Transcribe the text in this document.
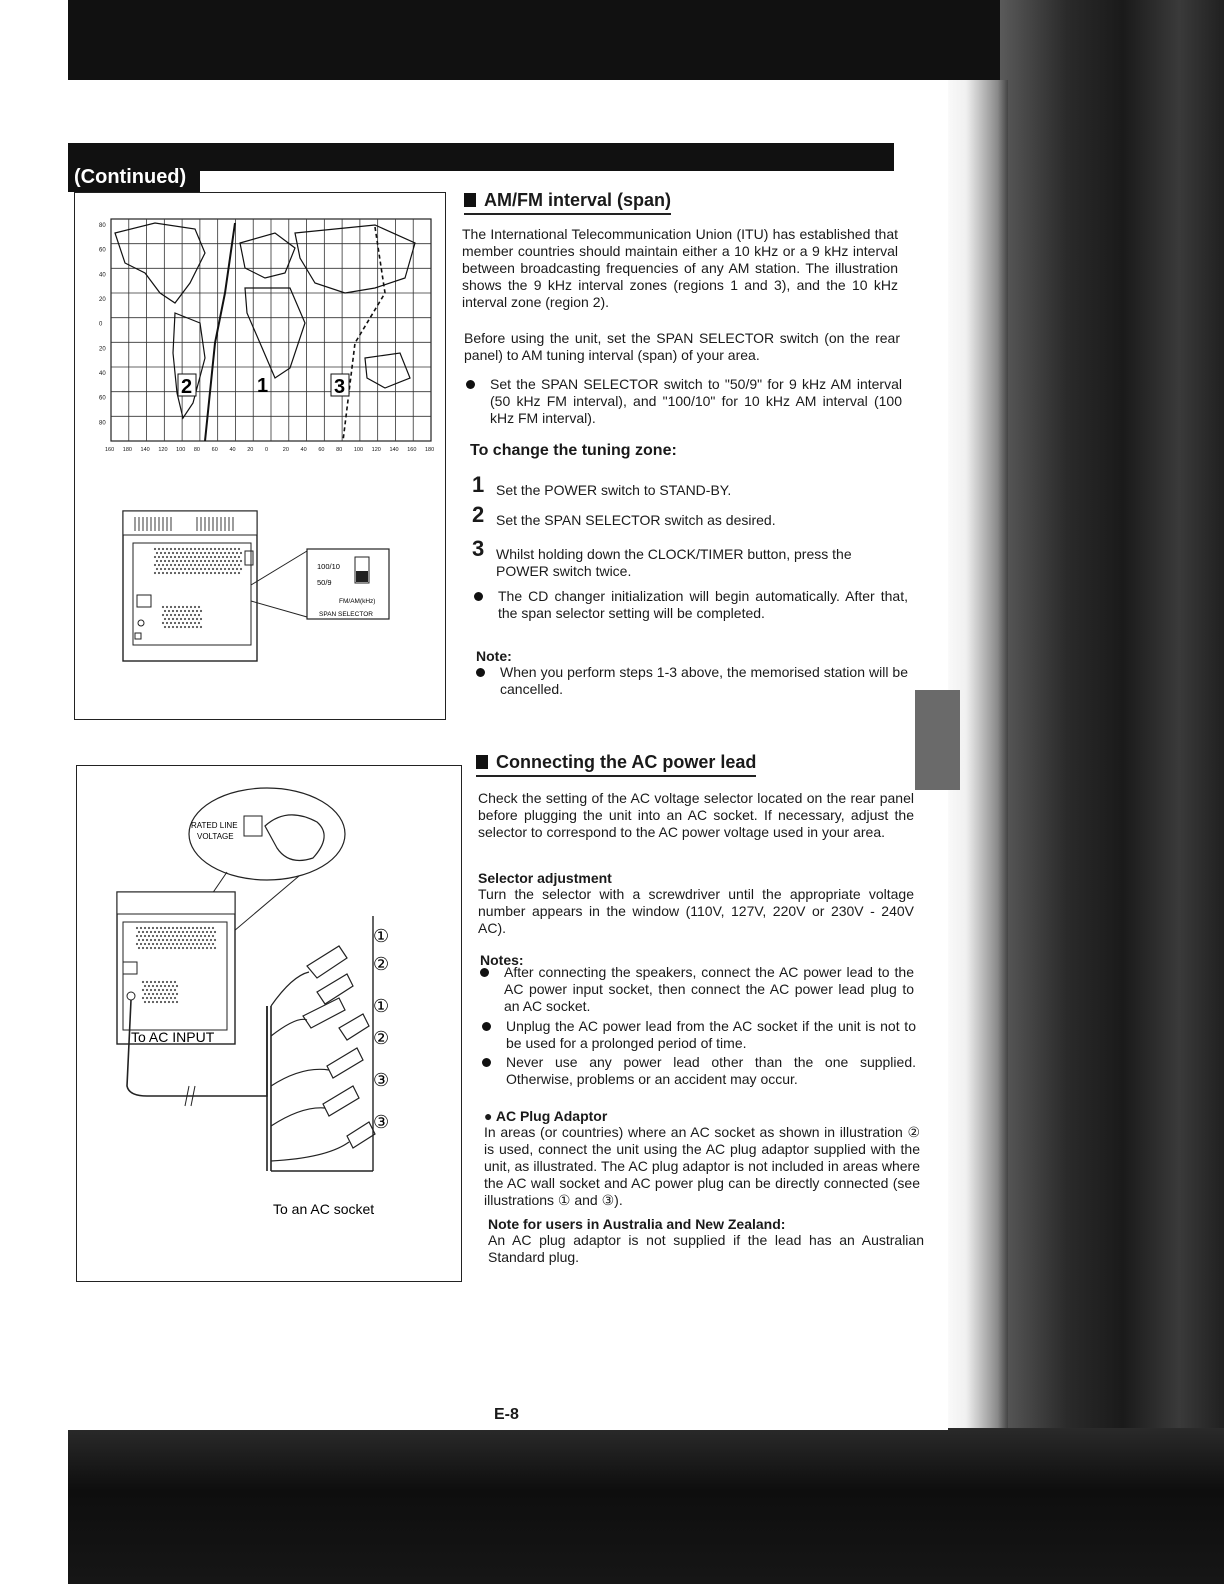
(Continued)
2	1	3
80
60
40
20
0
20
40
60
80
160 180 140 120 100 80 60 40 20 0	20 40 60 80 100 120 140 160 180
100/10
50/9
FM/AM(kHz)
SPAN SELECTOR
AM/FM interval (span)
The International Telecommunication Union (ITU) has established that member countries should maintain either a 10 kHz or a 9 kHz interval between broadcasting frequencies of any AM station. The illustration shows the 9 kHz interval zones (regions 1 and 3), and the 10 kHz interval zone (region 2).
Before using the unit, set the SPAN SELECTOR switch (on the rear panel) to AM tuning interval (span) of your area.
Set the SPAN SELECTOR switch to "50/9" for 9 kHz AM interval (50 kHz FM interval), and "100/10" for 10 kHz AM interval (100 kHz FM interval).
To change the tuning zone:
1 Set the POWER switch to STAND-BY.
2 Set the SPAN SELECTOR switch as desired.
3 Whilst holding down the CLOCK/TIMER button, press the POWER switch twice.
The CD changer initialization will begin automatically. After that, the span selector setting will be completed.
Note:
When you perform steps 1-3 above, the memorised station will be cancelled.
RATED LINE
VOLTAGE
To AC INPUT
①
②
①
②
③
③
To an AC socket
Connecting the AC power lead
Check the setting of the AC voltage selector located on the rear panel before plugging the unit into an AC socket. If necessary, adjust the selector to correspond to the AC power voltage used in your area.
Selector adjustment
Turn the selector with a screwdriver until the appropriate voltage number appears in the window (110V, 127V, 220V or 230V - 240V AC).
Notes:
After connecting the speakers, connect the AC power lead to the AC power input socket, then connect the AC power lead plug to an AC socket.
Unplug the AC power lead from the AC socket if the unit is not to be used for a prolonged period of time.
Never use any power lead other than the one supplied. Otherwise, problems or an accident may occur.
● AC Plug Adaptor
In areas (or countries) where an AC socket as shown in illustration ② is used, connect the unit using the AC plug adaptor supplied with the unit, as illustrated. The AC plug adaptor is not included in areas where the AC wall socket and AC power plug can be directly connected (see illustrations ① and ③).
Note for users in Australia and New Zealand:
An AC plug adaptor is not supplied if the lead has an Australian Standard plug.
E-8
